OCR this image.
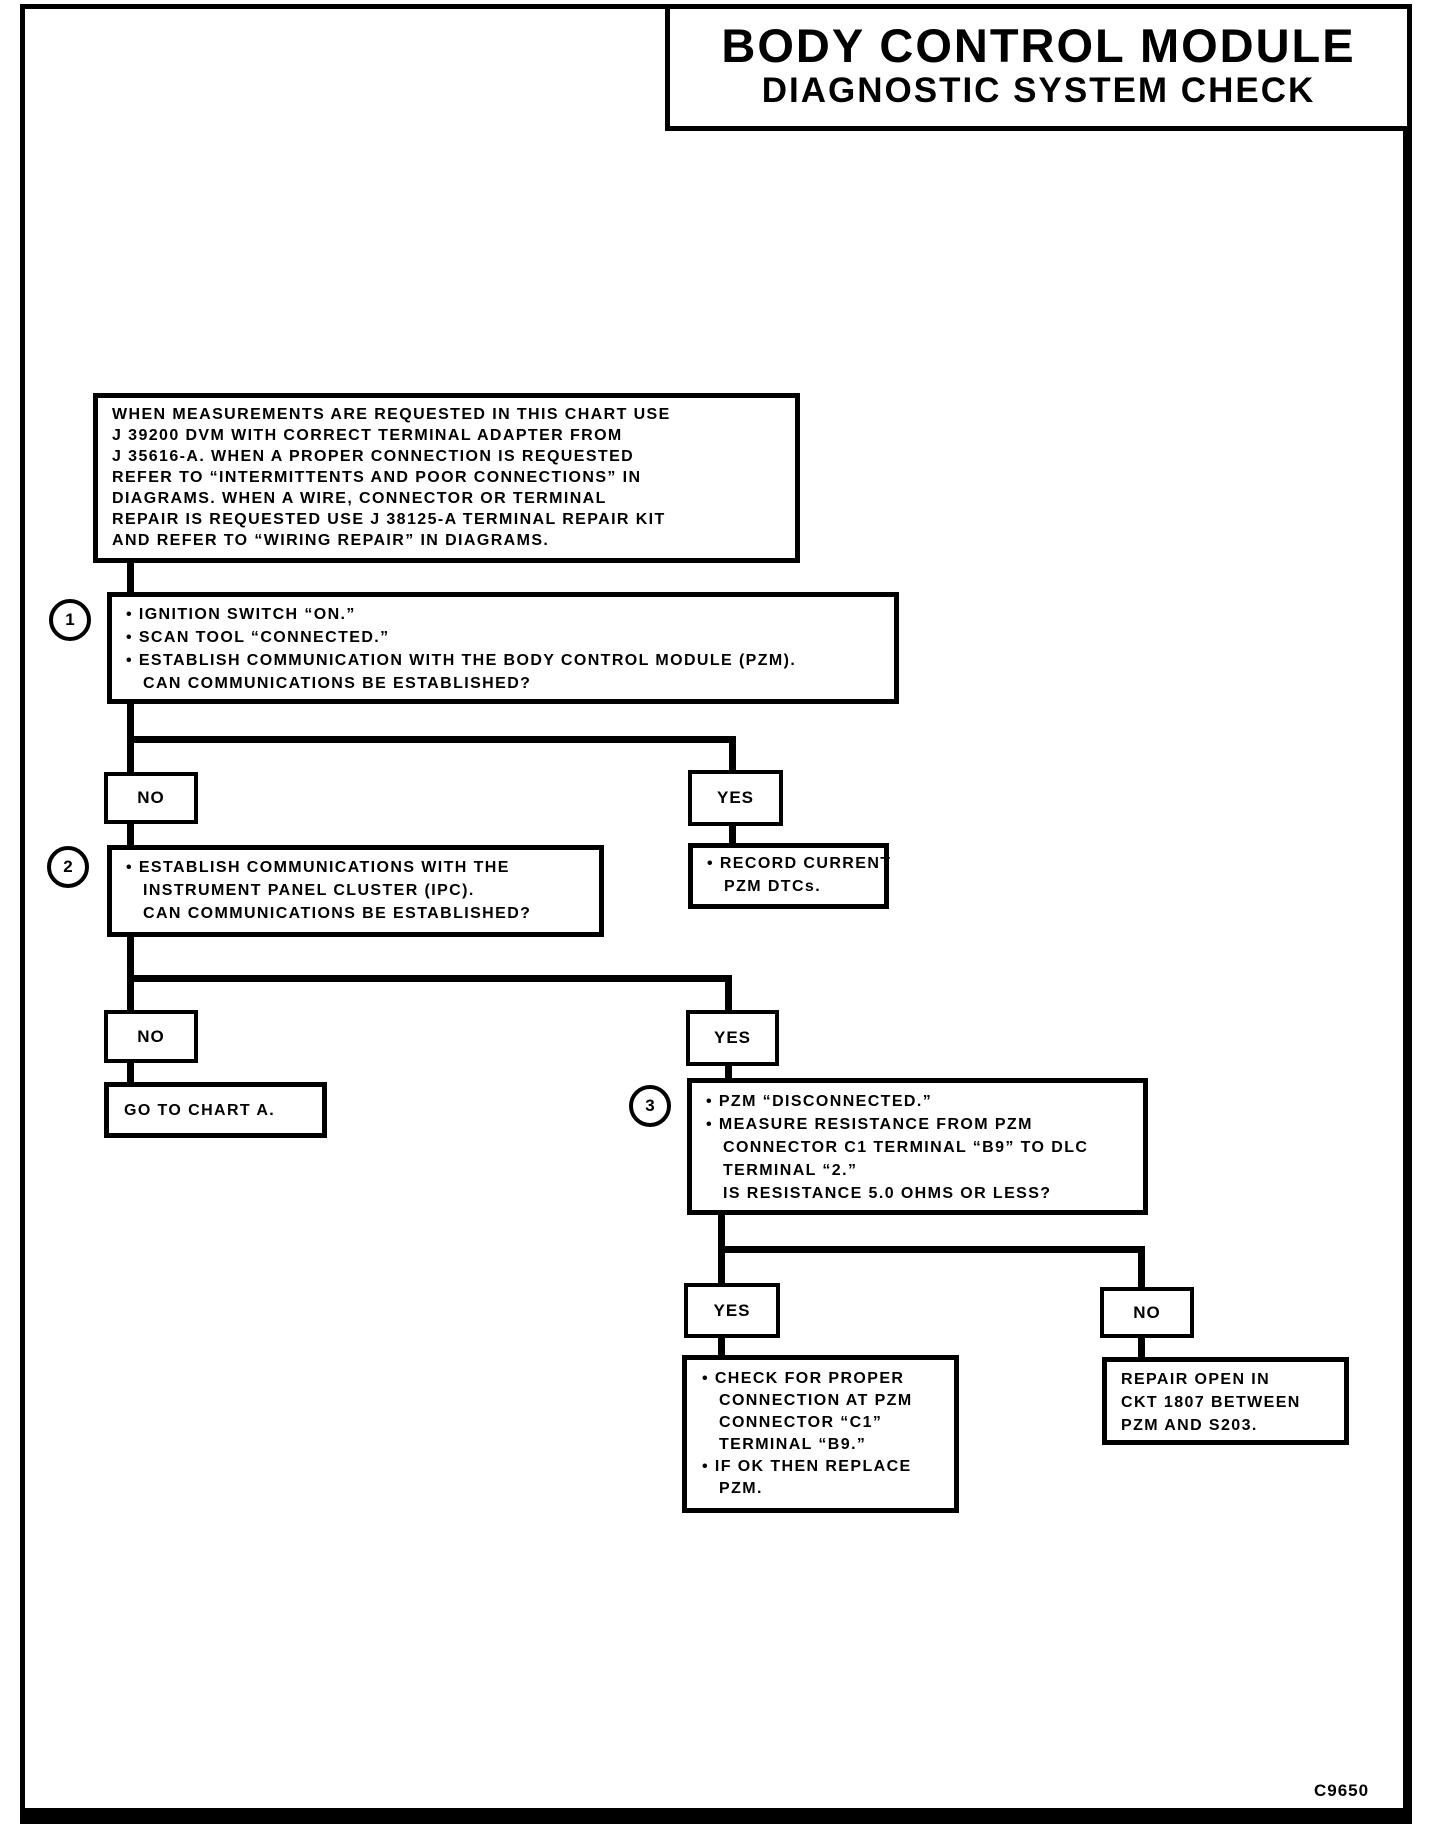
BODY CONTROL MODULE
DIAGNOSTIC SYSTEM CHECK
WHEN MEASUREMENTS ARE REQUESTED IN THIS CHART USE
J 39200 DVM WITH CORRECT TERMINAL ADAPTER FROM
J 35616-A. WHEN A PROPER CONNECTION IS REQUESTED
REFER TO “INTERMITTENTS AND POOR CONNECTIONS” IN
DIAGRAMS. WHEN A WIRE, CONNECTOR OR TERMINAL
REPAIR IS REQUESTED USE J 38125-A TERMINAL REPAIR KIT
AND REFER TO “WIRING REPAIR” IN DIAGRAMS.
1	• IGNITION SWITCH “ON.”
• SCAN TOOL “CONNECTED.”
• ESTABLISH COMMUNICATION WITH THE BODY CONTROL MODULE (PZM).
CAN COMMUNICATIONS BE ESTABLISHED?
NO	YES
• RECORD CURRENT
PZM DTCs.
2	• ESTABLISH COMMUNICATIONS WITH THE
INSTRUMENT PANEL CLUSTER (IPC).
CAN COMMUNICATIONS BE ESTABLISHED?
NO	YES
GO TO CHART A.	3	• PZM “DISCONNECTED.”
• MEASURE RESISTANCE FROM PZM
CONNECTOR C1 TERMINAL “B9” TO DLC
TERMINAL “2.”
IS RESISTANCE 5.0 OHMS OR LESS?
YES	NO
• CHECK FOR PROPER
CONNECTION AT PZM
CONNECTOR “C1”
TERMINAL “B9.”
• IF OK THEN REPLACE
PZM.
REPAIR OPEN IN
CKT 1807 BETWEEN
PZM AND S203.
C9650
